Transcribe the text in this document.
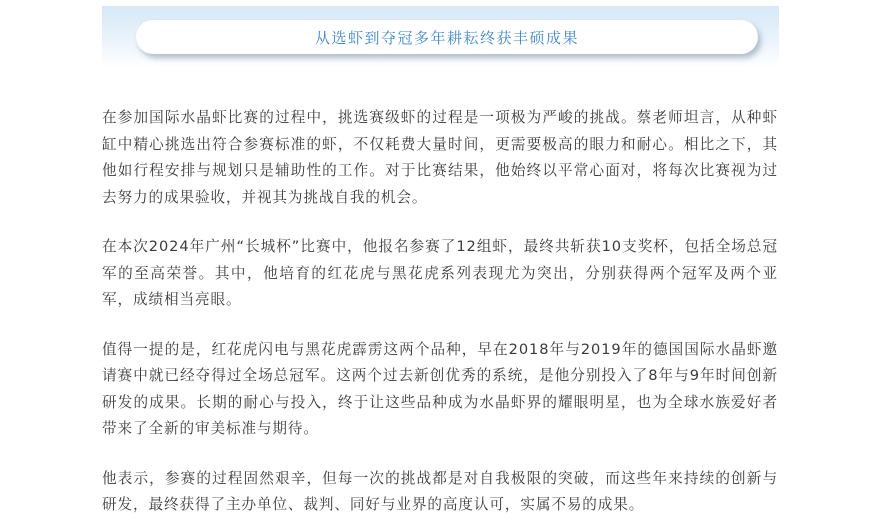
从选虾到夺冠多年耕耘终获丰硕成果

在参加国际水晶虾比赛的过程中，挑选赛级虾的过程是一项极为严峻的挑战。蔡老师坦言，从种虾缸中精心挑选出符合参赛标准的虾，不仅耗费大量时间，更需要极高的眼力和耐心。相比之下，其他如行程安排与规划只是辅助性的工作。对于比赛结果，他始终以平常心面对，将每次比赛视为过去努力的成果验收，并视其为挑战自我的机会。

在本次2024年广州“长城杯”比赛中，他报名参赛了12组虾，最终共斩获10支奖杯，包括全场总冠军的至高荣誉。其中，他培育的红花虎与黑花虎系列表现尤为突出，分别获得两个冠军及两个亚军，成绩相当亮眼。

值得一提的是，红花虎闪电与黑花虎霹雳这两个品种，早在2018年与2019年的德国国际水晶虾邀请赛中就已经夺得过全场总冠军。这两个过去新创优秀的系统，是他分别投入了8年与9年时间创新研发的成果。长期的耐心与投入，终于让这些品种成为水晶虾界的耀眼明星，也为全球水族爱好者带来了全新的审美标准与期待。

他表示，参赛的过程固然艰辛，但每一次的挑战都是对自我极限的突破，而这些年来持续的创新与研发，最终获得了主办单位、裁判、同好与业界的高度认可，实属不易的成果。
